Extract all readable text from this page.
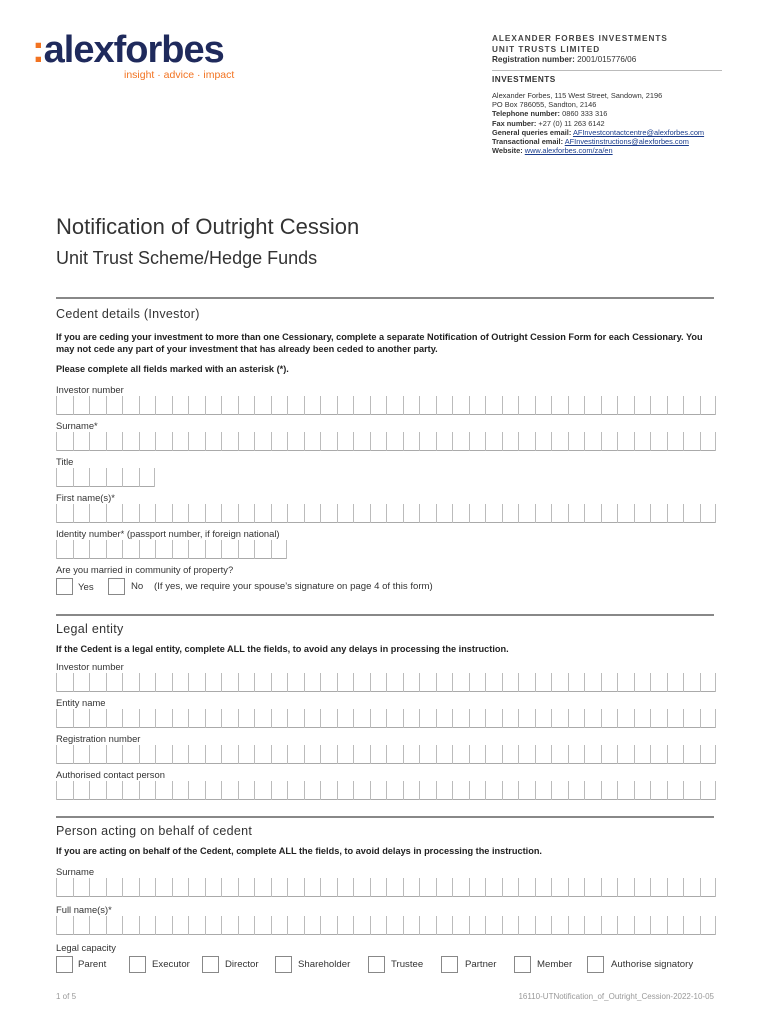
:alexforbes
insight · advice · impact
ALEXANDER FORBES INVESTMENTS
UNIT TRUSTS LIMITED
Registration number: 2001/015776/06
INVESTMENTS
Alexander Forbes, 115 West Street, Sandown, 2196
PO Box 786055, Sandton, 2146
Telephone number: 0860 333 316
Fax number: +27 (0) 11 263 6142
General queries email: AFInvestcontactcentre@alexforbes.com
Transactional email: AFInvestinstructions@alexforbes.com
Website: www.alexforbes.com/za/en
Notification of Outright Cession
Unit Trust Scheme/Hedge Funds
Cedent details (Investor)
If you are ceding your investment to more than one Cessionary, complete a separate Notification of Outright Cession Form for each Cessionary. You may not cede any part of your investment that has already been ceded to another party.
Please complete all fields marked with an asterisk (*).
Investor number
Surname*
Title
First name(s)*
Identity number* (passport number, if foreign national)
Are you married in community of property?
Yes	No (If yes, we require your spouse’s signature on page 4 of this form)
Legal entity
If the Cedent is a legal entity, complete ALL the fields, to avoid any delays in processing the instruction.
Investor number
Entity name
Registration number
Authorised contact person
Person acting on behalf of cedent
If you are acting on behalf of the Cedent, complete ALL the fields, to avoid delays in processing the instruction.
Surname
Full name(s)*
Legal capacity
Parent	Executor	Director	Shareholder	Trustee	Partner	Member	Authorise signatory
1 of 5	16110-UTNotification_of_Outright_Cession-2022-10-05
